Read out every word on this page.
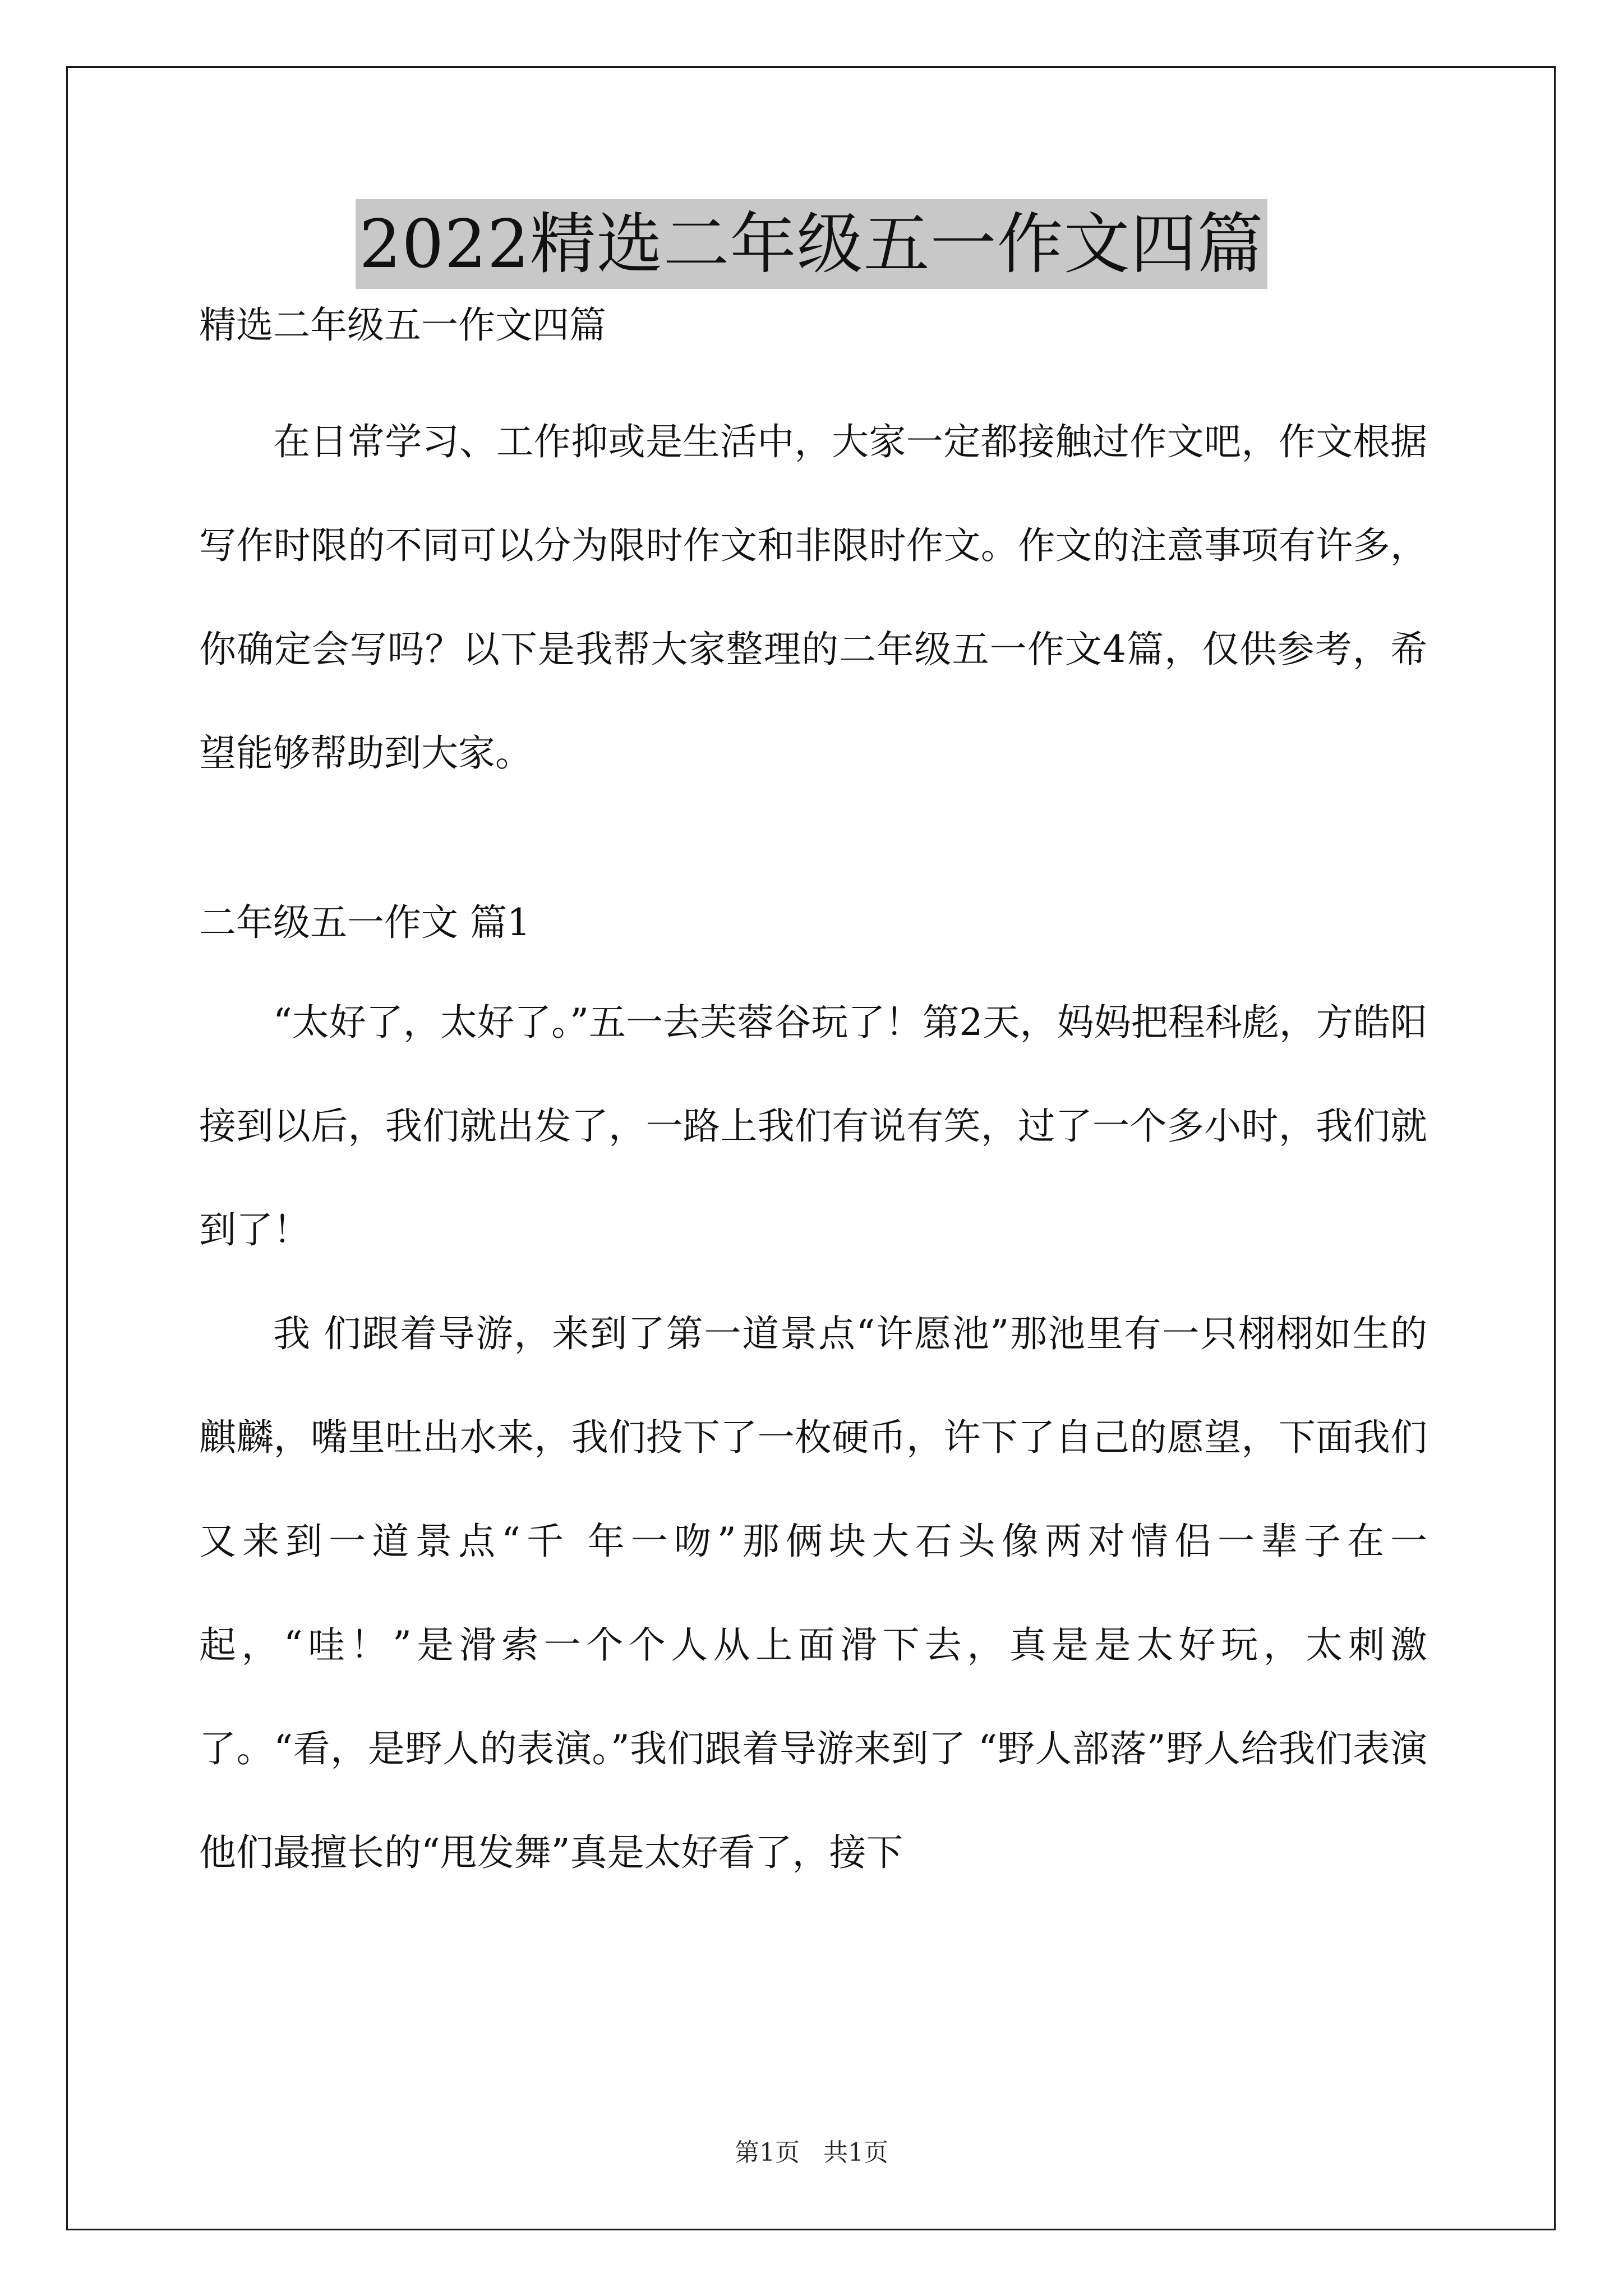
2022精选二年级五一作文四篇

精选二年级五一作文四篇

在日常学习、工作抑或是生活中，大家一定都接触过作文吧，作文根据写作时限的不同可以分为限时作文和非限时作文。作文的注意事项有许多，你确定会写吗？以下是我帮大家整理的二年级五一作文4篇，仅供参考，希望能够帮助到大家。

二年级五一作文 篇1

“太好了，太好了。”五一去芙蓉谷玩了！第2天，妈妈把程科彪，方皓阳接到以后，我们就出发了，一路上我们有说有笑，过了一个多小时，我们就到了！

我 们跟着导游，来到了第一道景点“许愿池”那池里有一只栩栩如生的麒麟，嘴里吐出水来，我们投下了一枚硬币，许下了自己的愿望，下面我们又来到一道景点“千 年一吻”那俩块大石头像两对情侣一辈子在一起，“哇！”是滑索一个个人从上面滑下去，真是是太好玩，太刺激了。“看，是野人的表演。”我们跟着导游来到了 “野人部落”野人给我们表演他们最擅长的“甩发舞”真是太好看了，接下

第1页 共1页
